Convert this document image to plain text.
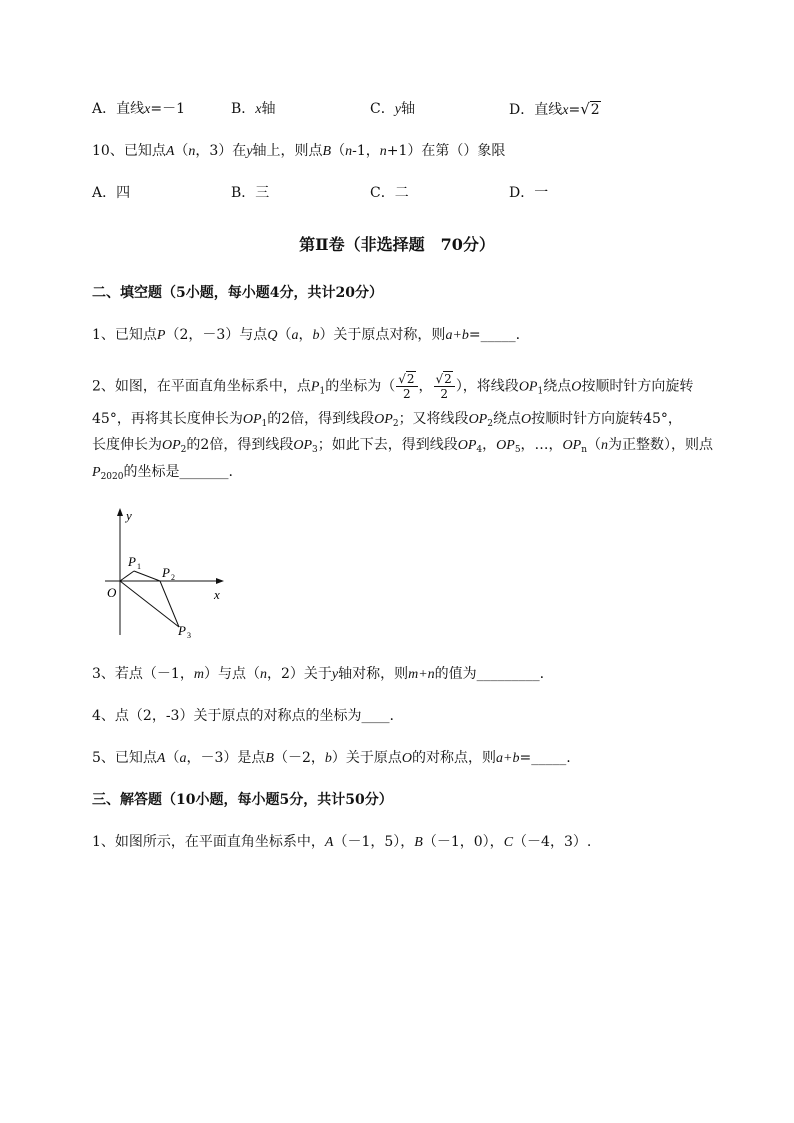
A．直线x=－1	B．x轴	C．y轴	D．直线x=√2
10、已知点A（n，3）在y轴上，则点B（n-1，n+1）在第（）象限
A．四	B．三	C．二	D．一
第Ⅱ卷（非选择题　70分）
二、填空题（5小题，每小题4分，共计20分）
1、已知点P（2，－3）与点Q（a，b）关于原点对称，则a+b=_____.
2、如图，在平面直角坐标系中，点$P_1$的坐标为（ $\frac{√2}{2}$ ， $\frac{√2}{2}$ ），将线段$OP_1$绕点O按顺时针方向旋转
45°，再将其长度伸长为$OP_1$的2倍，得到线段$OP_2$；又将线段$OP_2$绕点O按顺时针方向旋转45°，
长度伸长为$OP_2$的2倍，得到线段$OP_3$；如此下去，得到线段$OP_4$，$OP_5$，…，$OP_n(n$为正整数），则点
$P_{2020}$的坐标是_______.
y
x
O
P 1 P 2
P 3
3、若点（－1，m）与点（n，2）关于y轴对称，则m+n的值为_________.
4、点（2，-3）关于原点的对称点的坐标为____.
5、已知点A（a，－3）是点B（－2，b）关于原点O的对称点，则a+b=_____.
三、解答题（10小题，每小题5分，共计50分）
1、如图所示，在平面直角坐标系中，A（－1，5），B（－1，0），C（－4，3）.
